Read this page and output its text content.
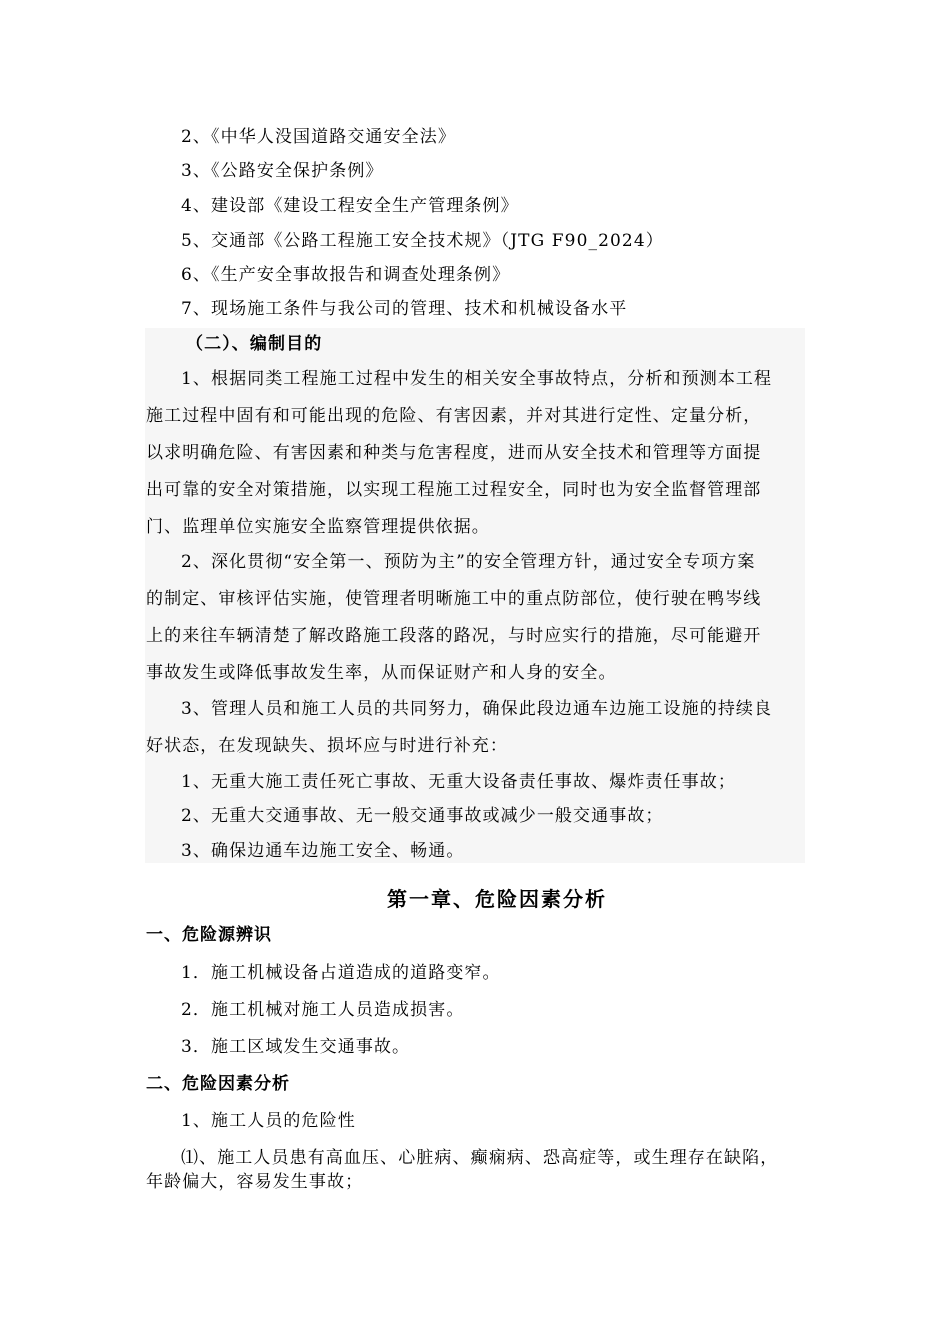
2、《中华人没国道路交通安全法》
3、《公路安全保护条例》
4、建设部《建设工程安全生产管理条例》
5、交通部《公路工程施工安全技术规》（JTG F90_2024）
6、《生产安全事故报告和调查处理条例》
7、现场施工条件与我公司的管理、技术和机械设备水平
（二）、编制目的
1、根据同类工程施工过程中发生的相关安全事故特点，分析和预测本工程
施工过程中固有和可能出现的危险、有害因素，并对其进行定性、定量分析，
以求明确危险、有害因素和种类与危害程度，进而从安全技术和管理等方面提
出可靠的安全对策措施，以实现工程施工过程安全，同时也为安全监督管理部
门、监理单位实施安全监察管理提供依据。
2、深化贯彻“安全第一、预防为主”的安全管理方针，通过安全专项方案
的制定、审核评估实施，使管理者明晰施工中的重点防部位，使行驶在鸭岑线
上的来往车辆清楚了解改路施工段落的路况，与时应实行的措施，尽可能避开
事故发生或降低事故发生率，从而保证财产和人身的安全。
3、管理人员和施工人员的共同努力，确保此段边通车边施工设施的持续良
好状态，在发现缺失、损坏应与时进行补充：
1、无重大施工责任死亡事故、无重大设备责任事故、爆炸责任事故；
2、无重大交通事故、无一般交通事故或减少一般交通事故；
3、确保边通车边施工安全、畅通。
第一章、危险因素分析
一、危险源辨识
1．施工机械设备占道造成的道路变窄。
2．施工机械对施工人员造成损害。
3．施工区域发生交通事故。
二、危险因素分析
1、施工人员的危险性
⑴、施工人员患有高血压、心脏病、癫痫病、恐高症等，或生理存在缺陷，
年龄偏大，容易发生事故；
